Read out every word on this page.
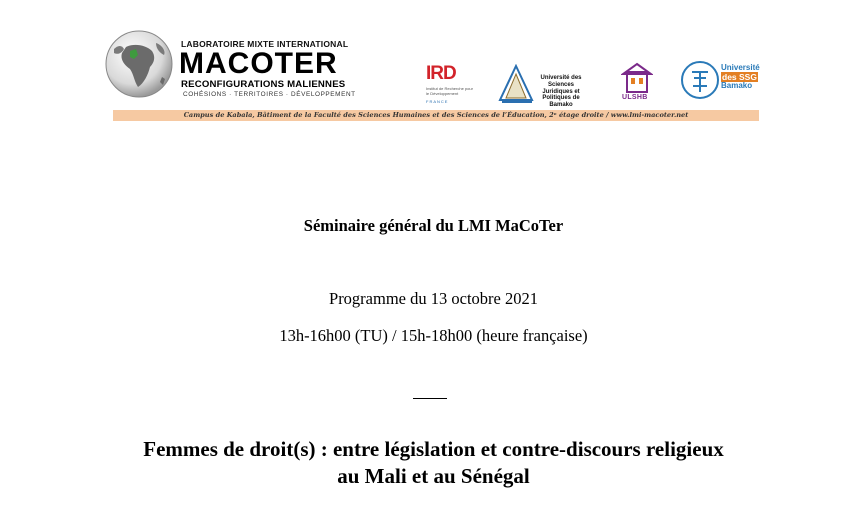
LABORATOIRE MIXTE INTERNATIONAL
MACOTER
RECONFIGURATIONS MALIENNES
COHÉSIONS · TERRITOIRES · DÉVELOPPEMENT
IRD
Institut de Recherche pour le Développement
FRANCE
Université des Sciences Juridiques et Politiques de Bamako
ULSHB
Université
des SSG
Bamako
Campus de Kabala, Bâtiment de la Faculté des Sciences Humaines et des Sciences de l’Éducation, 2ᵉ étage droite / www.lmi-macoter.net
Séminaire général du LMI MaCoTer
Programme du 13 octobre 2021
13h-16h00 (TU) / 15h-18h00 (heure française)
Femmes de droit(s) : entre législation et contre-discours religieux
au Mali et au Sénégal
